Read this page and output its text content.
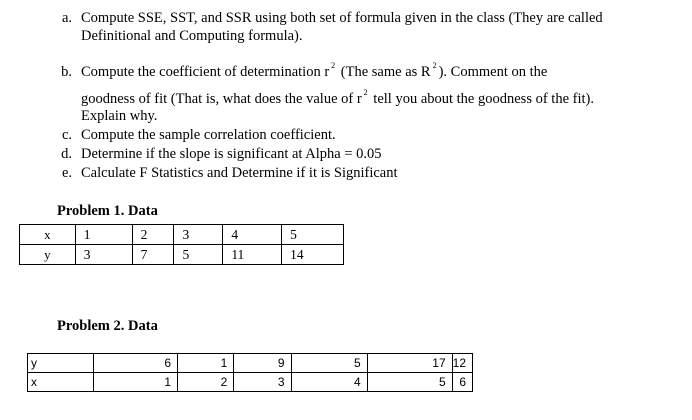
a. Compute SSE, SST, and SSR using both set of formula given in the class (They are called
Definitional and Computing formula).
b. Compute the coefficient of determination r $^2$ (The same as R $^2$ ). Comment on the
goodness of fit (That is, what does the value of r $^2$ tell you about the goodness of the fit).
Explain why.
c. Compute the sample correlation coefficient.
d. Determine if the slope is significant at Alpha = 0.05
e. Calculate F Statistics and Determine if it is Significant
Problem 1. Data
x	1	2	3	4	5
y	3	7	5	11	14
Problem 2. Data
y	6	1	9	5	17	12
x	1	2	3	4	5	6
